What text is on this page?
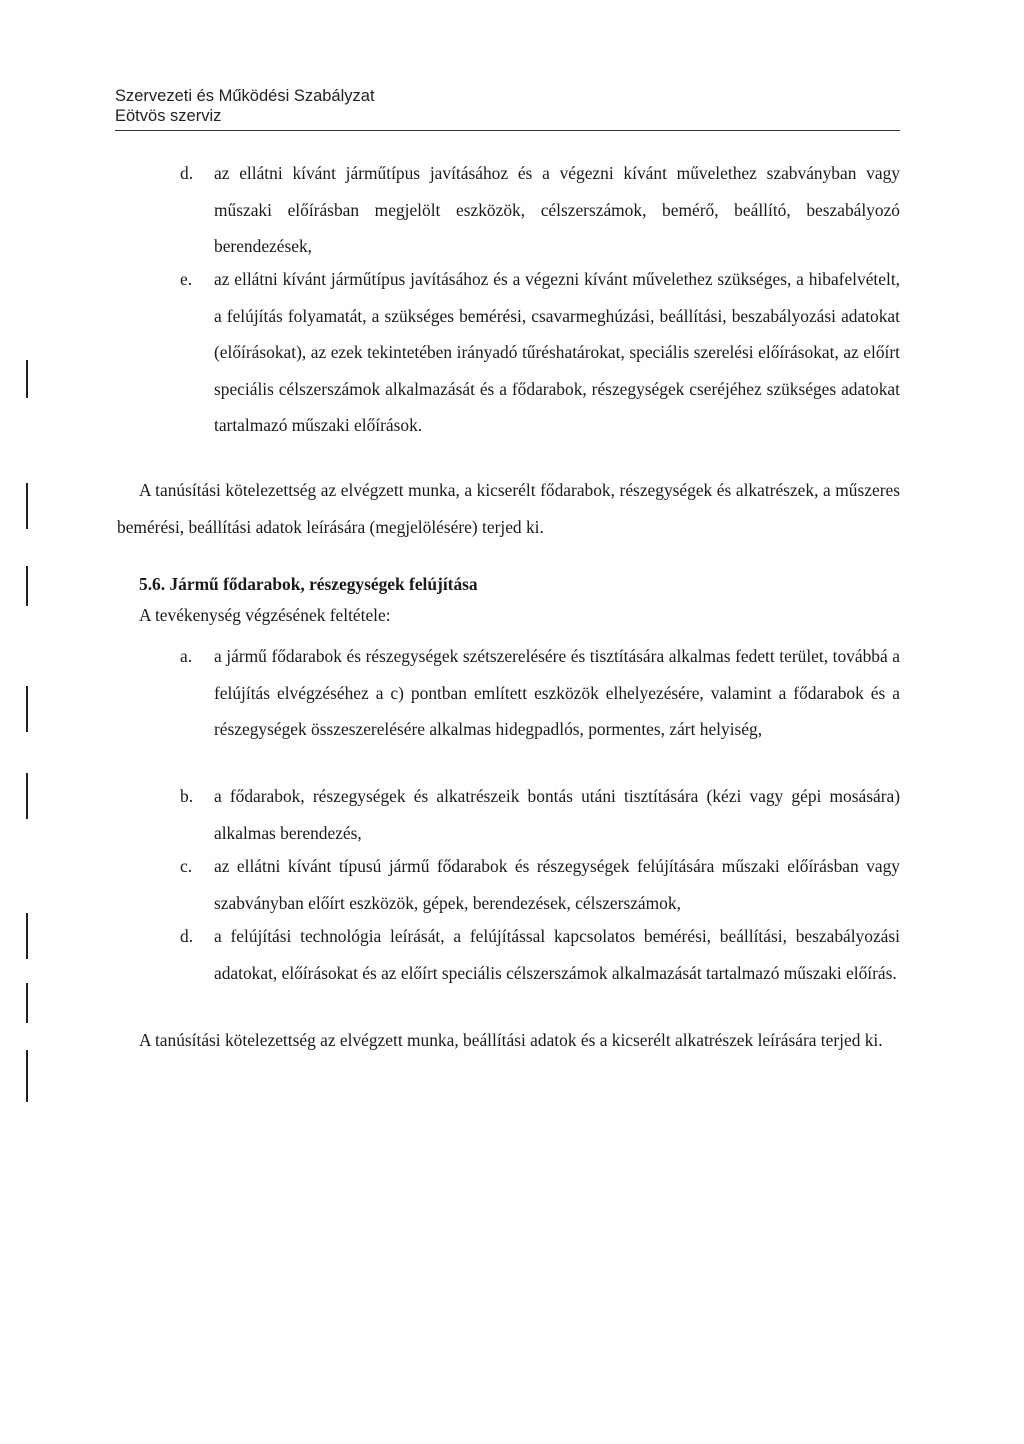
Szervezeti és Működési Szabályzat
Eötvös szerviz
d. az ellátni kívánt járműtípus javításához és a végezni kívánt művelethez szabványban vagy műszaki előírásban megjelölt eszközök, célszerszámok, bemérő, beállító, beszabályozó berendezések,
e. az ellátni kívánt járműtípus javításához és a végezni kívánt művelethez szükséges, a hibafelvételt, a felújítás folyamatát, a szükséges bemérési, csavarmeghúzási, beállítási, beszabályozási adatokat (előírásokat), az ezek tekintetében irányadó tűréshatárokat, speciális szerelési előírásokat, az előírt speciális célszerszámok alkalmazását és a fődarabok, részegységek cseréjéhez szükséges adatokat tartalmazó műszaki előírások.
A tanúsítási kötelezettség az elvégzett munka, a kicserélt fődarabok, részegységek és alkatrészek, a műszeres bemérési, beállítási adatok leírására (megjelölésére) terjed ki.
5.6. Jármű fődarabok, részegységek felújítása
A tevékenység végzésének feltétele:
a. a jármű fődarabok és részegységek szétszerelésére és tisztítására alkalmas fedett terület, továbbá a felújítás elvégzéséhez a c) pontban említett eszközök elhelyezésére, valamint a fődarabok és a részegységek összeszerelésére alkalmas hidegpadlós, pormentes, zárt helyiség,
b. a fődarabok, részegységek és alkatrészeik bontás utáni tisztítására (kézi vagy gépi mosására) alkalmas berendezés,
c. az ellátni kívánt típusú jármű fődarabok és részegységek felújítására műszaki előírásban vagy szabványban előírt eszközök, gépek, berendezések, célszerszámok,
d. a felújítási technológia leírását, a felújítással kapcsolatos bemérési, beállítási, beszabályozási adatokat, előírásokat és az előírt speciális célszerszámok alkalmazását tartalmazó műszaki előírás.
A tanúsítási kötelezettség az elvégzett munka, beállítási adatok és a kicserélt alkatrészek leírására terjed ki.
